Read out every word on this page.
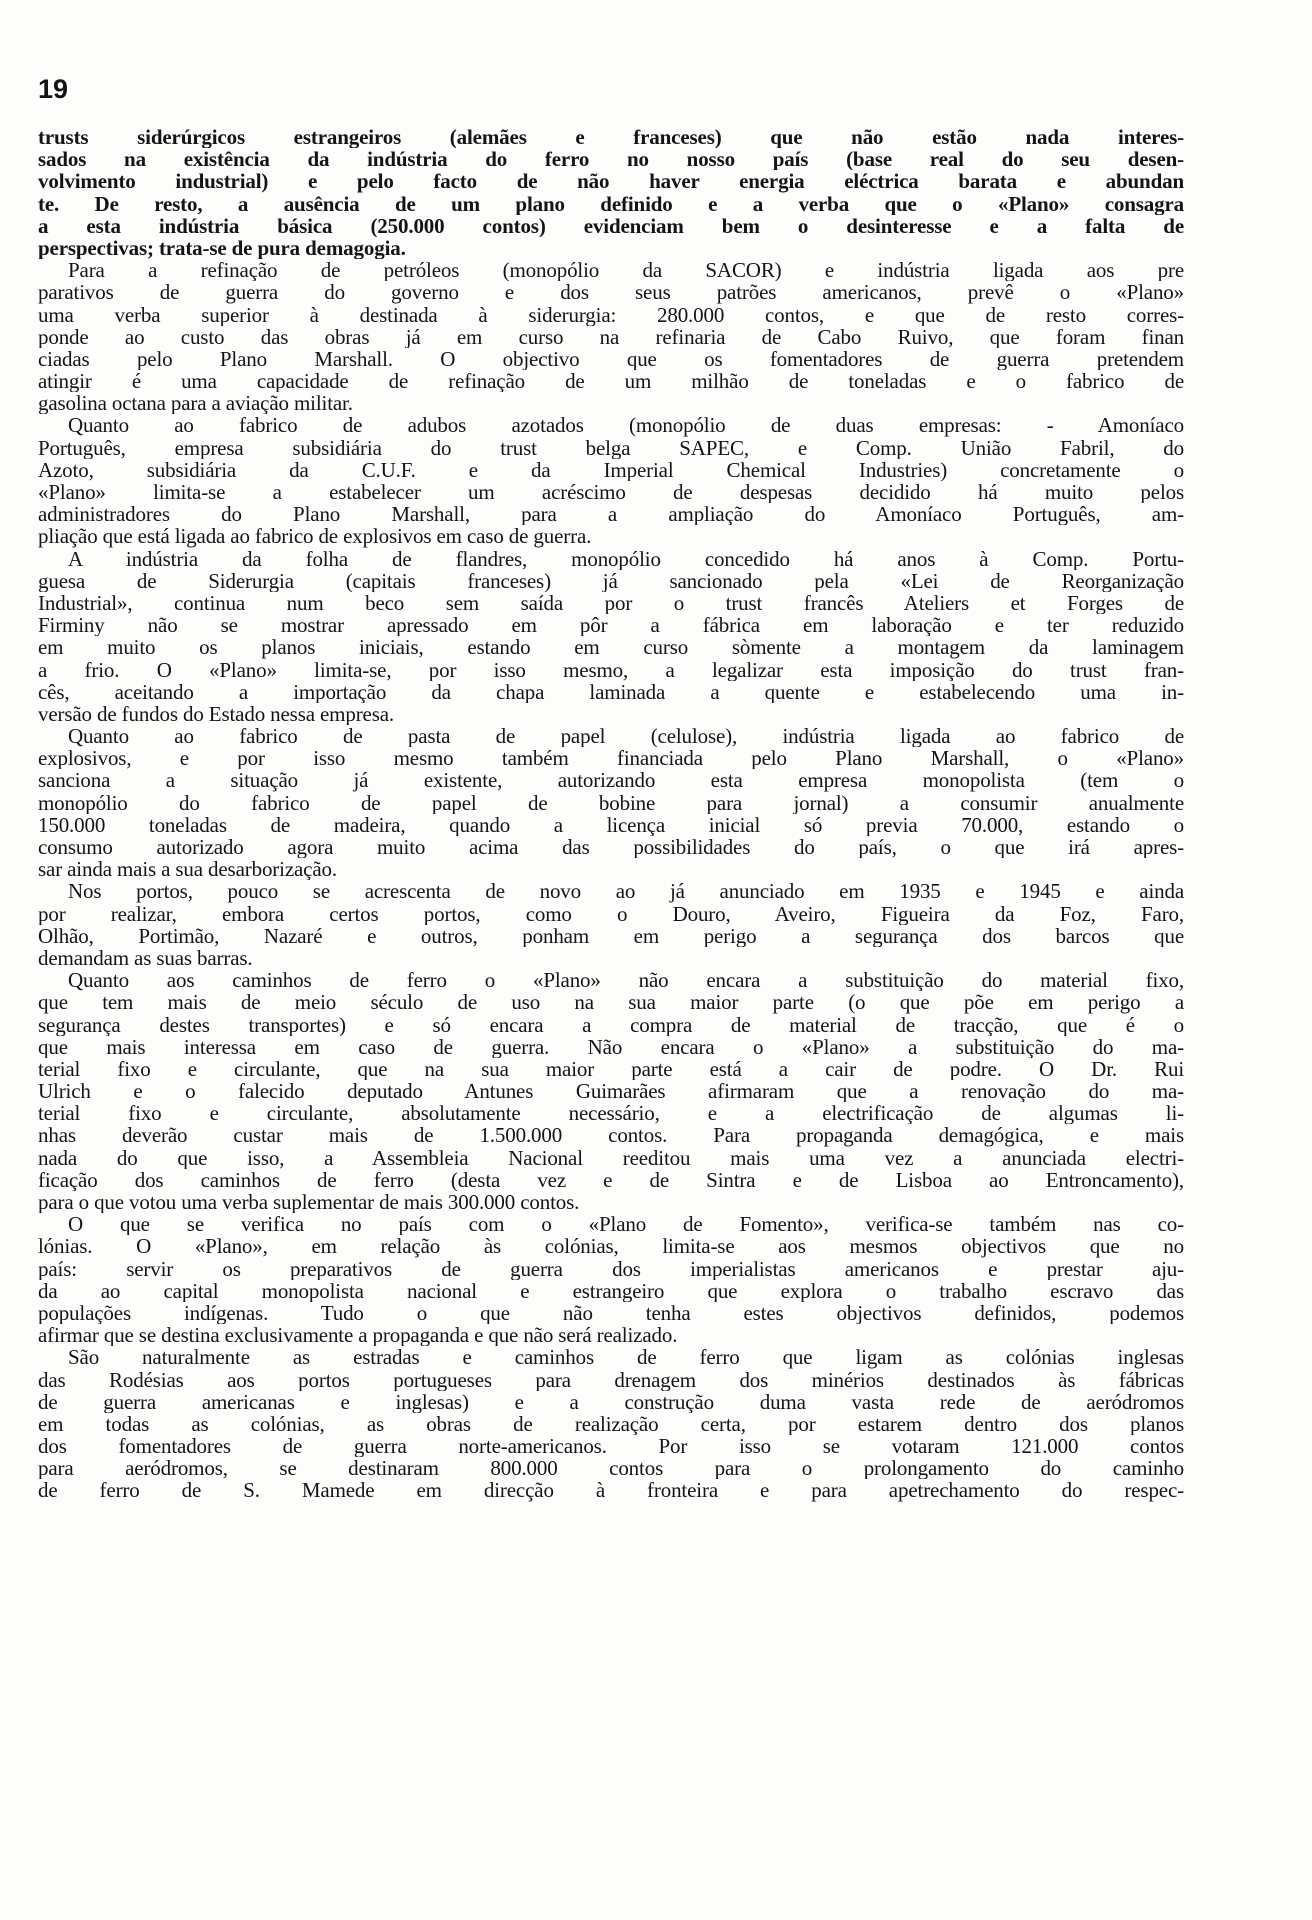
19
trusts siderúrgicos estrangeiros (alemães e franceses) que não estão nada interes-
sados na existência da indústria do ferro no nosso país (base real do seu desen-
volvimento industrial) e pelo facto de não haver energia eléctrica barata e abundan
te. De resto, a ausência de um plano definido e a verba que o «Plano» consagra
a esta indústria básica (250.000 contos) evidenciam bem o desinteresse e a falta de
perspectivas; trata-se de pura demagogia.
Para a refinação de petróleos (monopólio da SACOR) e indústria ligada aos pre
parativos de guerra do governo e dos seus patrões americanos, prevê o «Plano»
uma verba superior à destinada à siderurgia: 280.000 contos, e que de resto corres-
ponde ao custo das obras já em curso na refinaria de Cabo Ruivo, que foram finan
ciadas pelo Plano Marshall. O objectivo que os fomentadores de guerra pretendem
atingir é uma capacidade de refinação de um milhão de toneladas e o fabrico de
gasolina octana para a aviação militar.
Quanto ao fabrico de adubos azotados (monopólio de duas empresas: - Amoníaco
Português, empresa subsidiária do trust belga SAPEC, e Comp. União Fabril, do
Azoto, subsidiária da C.U.F. e da Imperial Chemical Industries) concretamente o
«Plano» limita-se a estabelecer um acréscimo de despesas decidido há muito pelos
administradores do Plano Marshall, para a ampliação do Amoníaco Português, am-
pliação que está ligada ao fabrico de explosivos em caso de guerra.
A indústria da folha de flandres, monopólio concedido há anos à Comp. Portu-
guesa de Siderurgia (capitais franceses) já sancionado pela «Lei de Reorganização
Industrial», continua num beco sem saída por o trust francês Ateliers et Forges de
Firminy não se mostrar apressado em pôr a fábrica em laboração e ter reduzido
em muito os planos iniciais, estando em curso sòmente a montagem da laminagem
a frio. O «Plano» limita-se, por isso mesmo, a legalizar esta imposição do trust fran-
cês, aceitando a importação da chapa laminada a quente e estabelecendo uma in-
versão de fundos do Estado nessa empresa.
Quanto ao fabrico de pasta de papel (celulose), indústria ligada ao fabrico de
explosivos, e por isso mesmo também financiada pelo Plano Marshall, o «Plano»
sanciona a situação já existente, autorizando esta empresa monopolista (tem o
monopólio do fabrico de papel de bobine para jornal) a consumir anualmente
150.000 toneladas de madeira, quando a licença inicial só previa 70.000, estando o
consumo autorizado agora muito acima das possibilidades do país, o que irá apres-
sar ainda mais a sua desarborização.
Nos portos, pouco se acrescenta de novo ao já anunciado em 1935 e 1945 e ainda
por realizar, embora certos portos, como o Douro, Aveiro, Figueira da Foz, Faro,
Olhão, Portimão, Nazaré e outros, ponham em perigo a segurança dos barcos que
demandam as suas barras.
Quanto aos caminhos de ferro o «Plano» não encara a substituição do material fixo,
que tem mais de meio século de uso na sua maior parte (o que põe em perigo a
segurança destes transportes) e só encara a compra de material de tracção, que é o
que mais interessa em caso de guerra. Não encara o «Plano» a substituição do ma-
terial fixo e circulante, que na sua maior parte está a cair de podre. O Dr. Rui
Ulrich e o falecido deputado Antunes Guimarães afirmaram que a renovação do ma-
terial fixo e circulante, absolutamente necessário, e a electrificação de algumas li-
nhas deverão custar mais de 1.500.000 contos. Para propaganda demagógica, e mais
nada do que isso, a Assembleia Nacional reeditou mais uma vez a anunciada electri-
ficação dos caminhos de ferro (desta vez e de Sintra e de Lisboa ao Entroncamento),
para o que votou uma verba suplementar de mais 300.000 contos.
O que se verifica no país com o «Plano de Fomento», verifica-se também nas co-
lónias. O «Plano», em relação às colónias, limita-se aos mesmos objectivos que no
país: servir os preparativos de guerra dos imperialistas americanos e prestar aju-
da ao capital monopolista nacional e estrangeiro que explora o trabalho escravo das
populações indígenas. Tudo o que não tenha estes objectivos definidos, podemos
afirmar que se destina exclusivamente a propaganda e que não será realizado.
São naturalmente as estradas e caminhos de ferro que ligam as colónias inglesas
das Rodésias aos portos portugueses para drenagem dos minérios destinados às fábricas
de guerra americanas e inglesas) e a construção duma vasta rede de aeródromos
em todas as colónias, as obras de realização certa, por estarem dentro dos planos
dos fomentadores de guerra norte-americanos. Por isso se votaram 121.000 contos
para aeródromos, se destinaram 800.000 contos para o prolongamento do caminho
de ferro de S. Mamede em direcção à fronteira e para apetrechamento do respec-
